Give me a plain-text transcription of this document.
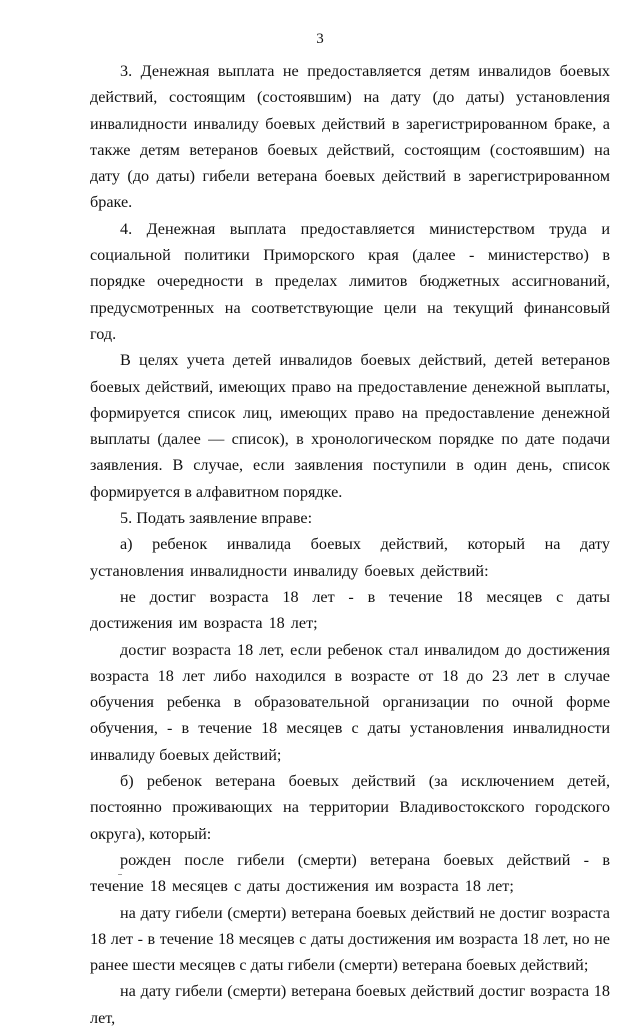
3

3. Денежная выплата не предоставляется детям инвалидов боевых действий, состоящим (состоявшим) на дату (до даты) установления инвалидности инвалиду боевых действий в зарегистрированном браке, а также детям ветеранов боевых действий, состоящим (состоявшим) на дату (до даты) гибели ветерана боевых действий в зарегистрированном браке.

4. Денежная выплата предоставляется министерством труда и социальной политики Приморского края (далее - министерство) в порядке очередности в пределах лимитов бюджетных ассигнований, предусмотренных на соответствующие цели на текущий финансовый год.

В целях учета детей инвалидов боевых действий, детей ветеранов боевых действий, имеющих право на предоставление денежной выплаты, формируется список лиц, имеющих право на предоставление денежной выплаты (далее — список), в хронологическом порядке по дате подачи заявления. В случае, если заявления поступили в один день, список формируется в алфавитном порядке.

5. Подать заявление вправе:

а) ребенок инвалида боевых действий, который на дату установления инвалидности инвалиду боевых действий:

не достиг возраста 18 лет - в течение 18 месяцев с даты достижения им возраста 18 лет;

достиг возраста 18 лет, если ребенок стал инвалидом до достижения возраста 18 лет либо находился в возрасте от 18 до 23 лет в случае обучения ребенка в образовательной организации по очной форме обучения, - в течение 18 месяцев с даты установления инвалидности инвалиду боевых действий;

б) ребенок ветерана боевых действий (за исключением детей, постоянно проживающих на территории Владивостокского городского округа), который:

рожден после гибели (смерти) ветерана боевых действий - в течение 18 месяцев с даты достижения им возраста 18 лет;

на дату гибели (смерти) ветерана боевых действий не достиг возраста 18 лет - в течение 18 месяцев с даты достижения им возраста 18 лет, но не ранее шести месяцев с даты гибели (смерти) ветерана боевых действий;

на дату гибели (смерти) ветерана боевых действий достиг возраста 18 лет,
